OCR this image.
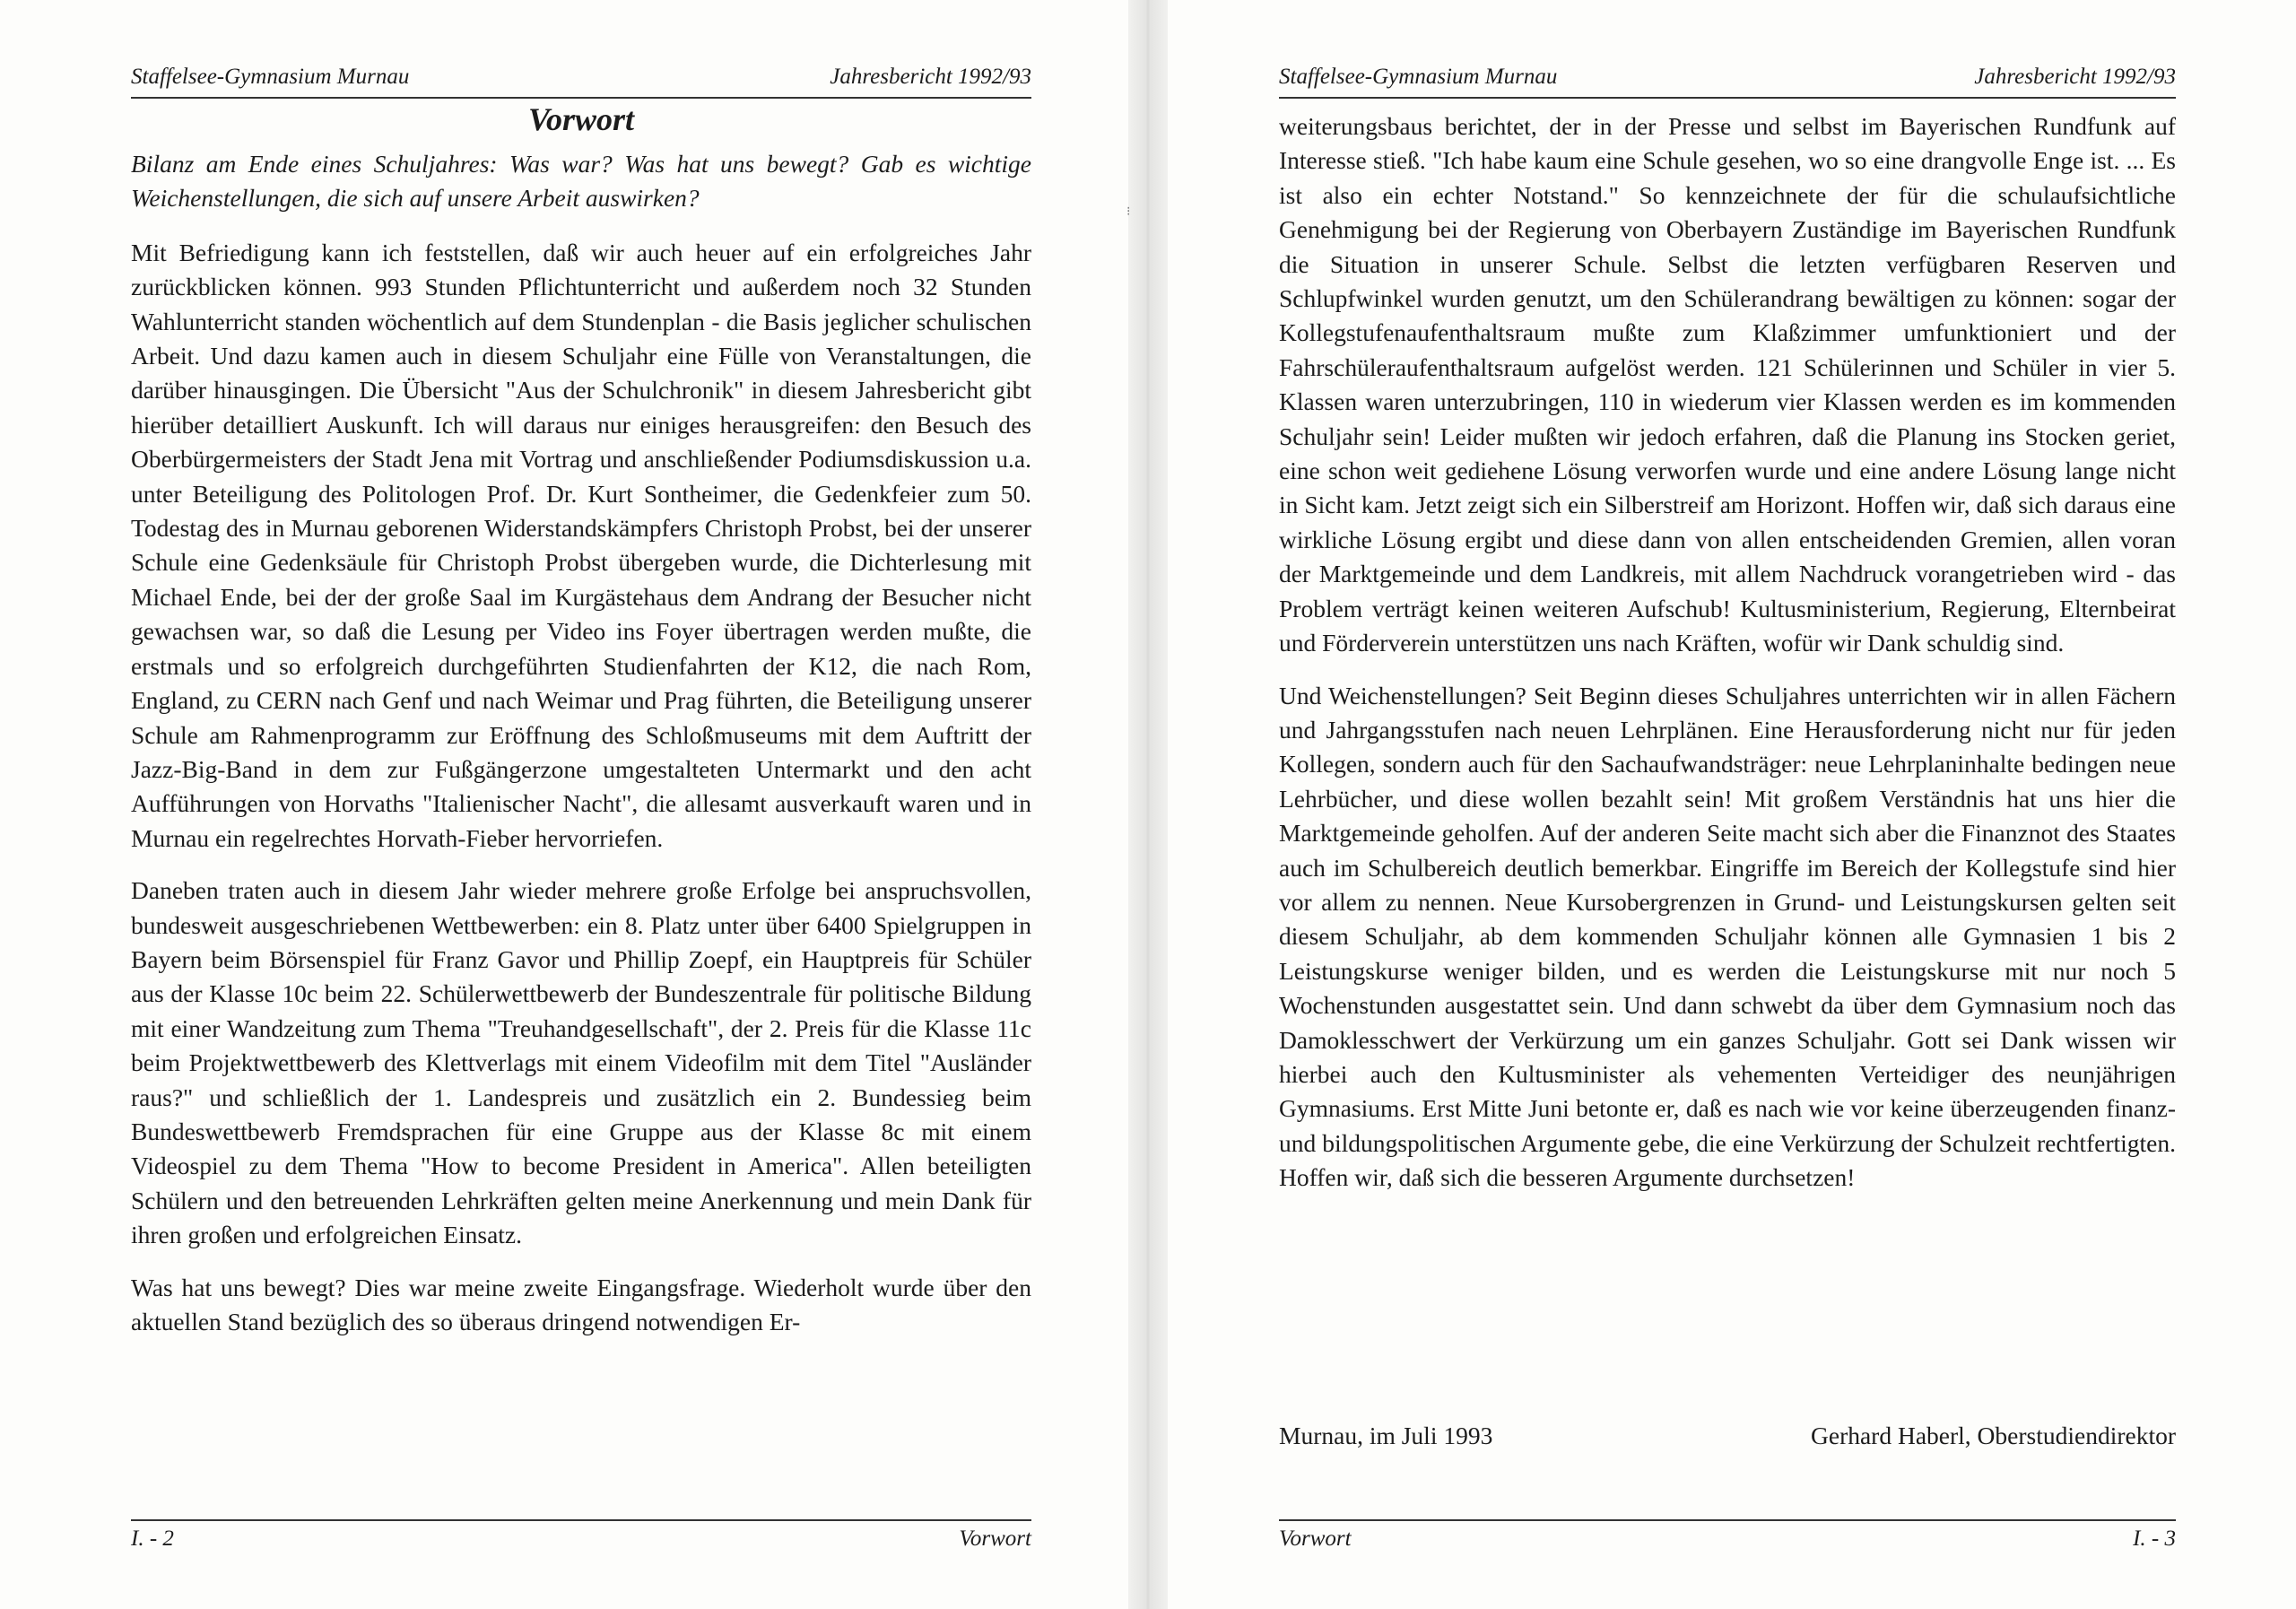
Staffelsee-Gymnasium Murnau	Jahresbericht 1992/93
Vorwort

Bilanz am Ende eines Schuljahres: Was war? Was hat uns bewegt? Gab es wichtige Weichenstellungen, die sich auf unsere Arbeit auswirken?

Mit Befriedigung kann ich feststellen, daß wir auch heuer auf ein erfolgreiches Jahr zurückblicken können. 993 Stunden Pflichtunterricht und außerdem noch 32 Stunden Wahlunterricht standen wöchentlich auf dem Stundenplan - die Basis jeglicher schulischen Arbeit. Und dazu kamen auch in diesem Schuljahr eine Fülle von Veranstaltungen, die darüber hinausgingen. Die Übersicht "Aus der Schulchronik" in diesem Jahresbericht gibt hierüber detailliert Auskunft. Ich will daraus nur einiges herausgreifen: den Besuch des Oberbürgermeisters der Stadt Jena mit Vortrag und anschließender Podiumsdiskussion u.a. unter Beteiligung des Politologen Prof. Dr. Kurt Sontheimer, die Gedenkfeier zum 50. Todestag des in Murnau geborenen Widerstandskämpfers Christoph Probst, bei der unserer Schule eine Gedenksäule für Christoph Probst übergeben wurde, die Dichterlesung mit Michael Ende, bei der der große Saal im Kurgästehaus dem Andrang der Besucher nicht gewachsen war, so daß die Lesung per Video ins Foyer übertragen werden mußte, die erstmals und so erfolgreich durchgeführten Studienfahrten der K12, die nach Rom, England, zu CERN nach Genf und nach Weimar und Prag führten, die Beteiligung unserer Schule am Rahmenprogramm zur Eröffnung des Schloßmuseums mit dem Auftritt der Jazz-Big-Band in dem zur Fußgängerzone umgestalteten Untermarkt und den acht Aufführungen von Horvaths "Italienischer Nacht", die allesamt ausverkauft waren und in Murnau ein regelrechtes Horvath-Fieber hervorriefen.

Daneben traten auch in diesem Jahr wieder mehrere große Erfolge bei anspruchsvollen, bundesweit ausgeschriebenen Wettbewerben: ein 8. Platz unter über 6400 Spielgruppen in Bayern beim Börsenspiel für Franz Gavor und Phillip Zoepf, ein Hauptpreis für Schüler aus der Klasse 10c beim 22. Schülerwettbewerb der Bundeszentrale für politische Bildung mit einer Wandzeitung zum Thema "Treuhandgesellschaft", der 2. Preis für die Klasse 11c beim Projektwettbewerb des Klettverlags mit einem Videofilm mit dem Titel "Ausländer raus?" und schließlich der 1. Landespreis und zusätzlich ein 2. Bundessieg beim Bundeswettbewerb Fremdsprachen für eine Gruppe aus der Klasse 8c mit einem Videospiel zu dem Thema "How to become President in America". Allen beteiligten Schülern und den betreuenden Lehrkräften gelten meine Anerkennung und mein Dank für ihren großen und erfolgreichen Einsatz.

Was hat uns bewegt? Dies war meine zweite Eingangsfrage. Wiederholt wurde über den aktuellen Stand bezüglich des so überaus dringend notwendigen Er-

I. - 2	Vorwort
⁝
Staffelsee-Gymnasium Murnau	Jahresbericht 1992/93

weiterungsbaus berichtet, der in der Presse und selbst im Bayerischen Rundfunk auf Interesse stieß. "Ich habe kaum eine Schule gesehen, wo so eine drangvolle Enge ist. ... Es ist also ein echter Notstand." So kennzeichnete der für die schulaufsichtliche Genehmigung bei der Regierung von Oberbayern Zuständige im Bayerischen Rundfunk die Situation in unserer Schule. Selbst die letzten verfügbaren Reserven und Schlupfwinkel wurden genutzt, um den Schülerandrang bewältigen zu können: sogar der Kollegstufenaufenthaltsraum mußte zum Klaßzimmer umfunktioniert und der Fahrschüleraufenthaltsraum aufgelöst werden. 121 Schülerinnen und Schüler in vier 5. Klassen waren unterzubringen, 110 in wiederum vier Klassen werden es im kommenden Schuljahr sein! Leider mußten wir jedoch erfahren, daß die Planung ins Stocken geriet, eine schon weit gediehene Lösung verworfen wurde und eine andere Lösung lange nicht in Sicht kam. Jetzt zeigt sich ein Silberstreif am Horizont. Hoffen wir, daß sich daraus eine wirkliche Lösung ergibt und diese dann von allen entscheidenden Gremien, allen voran der Marktgemeinde und dem Landkreis, mit allem Nachdruck vorangetrieben wird - das Problem verträgt keinen weiteren Aufschub! Kultusministerium, Regierung, Elternbeirat und Förderverein unterstützen uns nach Kräften, wofür wir Dank schuldig sind.

Und Weichenstellungen? Seit Beginn dieses Schuljahres unterrichten wir in allen Fächern und Jahrgangsstufen nach neuen Lehrplänen. Eine Herausforderung nicht nur für jeden Kollegen, sondern auch für den Sachaufwandsträger: neue Lehrplaninhalte bedingen neue Lehrbücher, und diese wollen bezahlt sein! Mit großem Verständnis hat uns hier die Marktgemeinde geholfen. Auf der anderen Seite macht sich aber die Finanznot des Staates auch im Schulbereich deutlich bemerkbar. Eingriffe im Bereich der Kollegstufe sind hier vor allem zu nennen. Neue Kursobergrenzen in Grund- und Leistungskursen gelten seit diesem Schuljahr, ab dem kommenden Schuljahr können alle Gymnasien 1 bis 2 Leistungskurse weniger bilden, und es werden die Leistungskurse mit nur noch 5 Wochenstunden ausgestattet sein. Und dann schwebt da über dem Gymnasium noch das Damoklesschwert der Verkürzung um ein ganzes Schuljahr. Gott sei Dank wissen wir hierbei auch den Kultusminister als vehementen Verteidiger des neunjährigen Gymnasiums. Erst Mitte Juni betonte er, daß es nach wie vor keine überzeugenden finanz- und bildungspolitischen Argumente gebe, die eine Verkürzung der Schulzeit rechtfertigten. Hoffen wir, daß sich die besseren Argumente durchsetzen!

Murnau, im Juli 1993	Gerhard Haberl, Oberstudiendirektor
Vorwort	I. - 3
